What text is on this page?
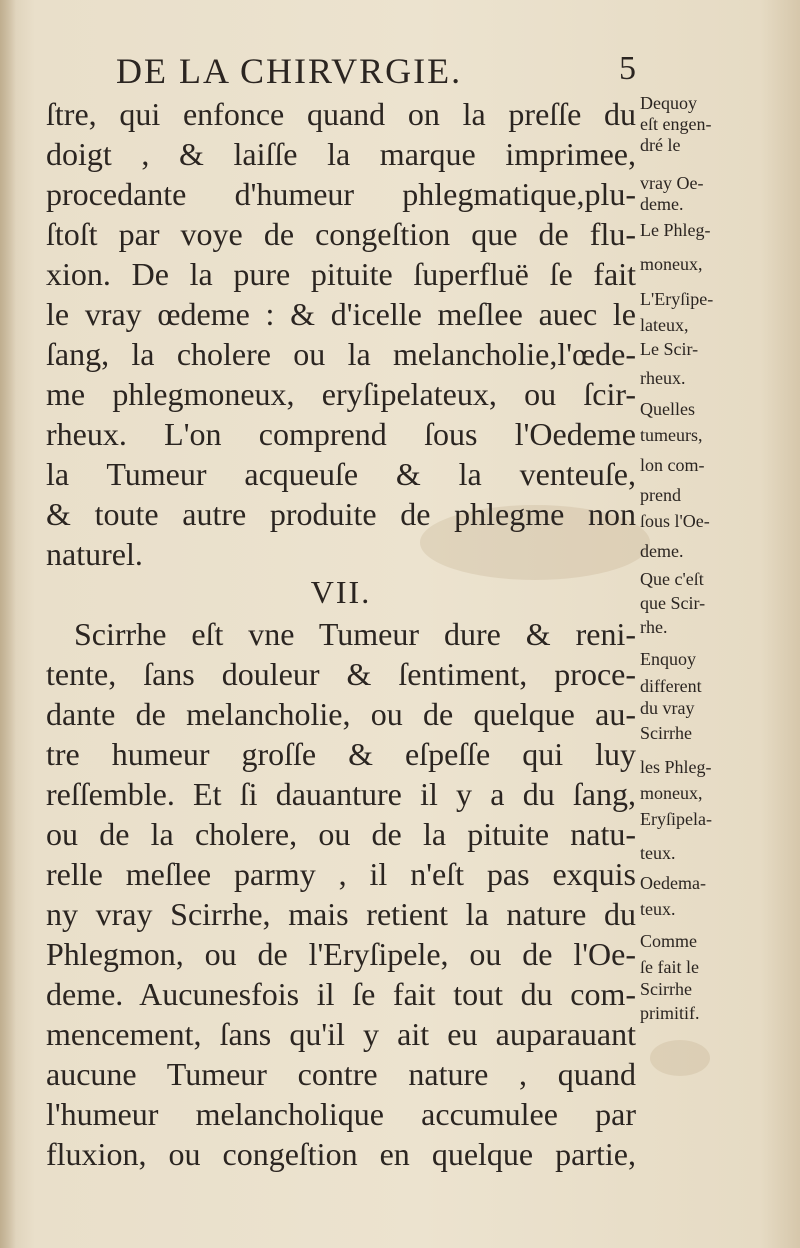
DE LA CHIRVRGIE.	5
ſtre, qui enfonce quand on la preſſe du
doigt , & laiſſe la marque imprimee,
procedante d'humeur phlegmatique,plu-
ſtoſt par voye de congeſtion que de flu-
xion. De la pure pituite ſuperfluë ſe fait
le vray œdeme : & d'icelle meſlee auec le
ſang, la cholere ou la melancholie,l'œde-
me phlegmoneux, eryſipelateux, ou ſcir-
rheux. L'on comprend ſous l'Oedeme
la Tumeur acqueuſe & la venteuſe,
& toute autre produite de phlegme non
naturel.
VII.
Scirrhe eſt vne Tumeur dure & reni-
tente, ſans douleur & ſentiment, proce-
dante de melancholie, ou de quelque au-
tre humeur groſſe & eſpeſſe qui luy
reſſemble. Et ſi dauanture il y a du ſang,
ou de la cholere, ou de la pituite natu-
relle meſlee parmy , il n'eſt pas exquis
ny vray Scirrhe, mais retient la nature du
Phlegmon, ou de l'Eryſipele, ou de l'Oe-
deme. Aucunesfois il ſe fait tout du com-
mencement, ſans qu'il y ait eu auparauant
aucune Tumeur contre nature , quand
l'humeur melancholique accumulee par
fluxion, ou congeſtion en quelque partie,
Dequoy
eſt engen-
dré le
vray Oe-
deme.
Le Phleg-
moneux,
L'Eryſipe-
lateux,
Le Scir-
rheux.
Quelles
tumeurs,
lon com-
prend
ſous l'Oe-
deme.
Que c'eſt
que Scir-
rhe.
Enquoy
different
du vray
Scirrhe
les Phleg-
moneux,
Eryſipela-
teux.
Oedema-
teux.
Comme
ſe fait le
Scirrhe
primitif.
